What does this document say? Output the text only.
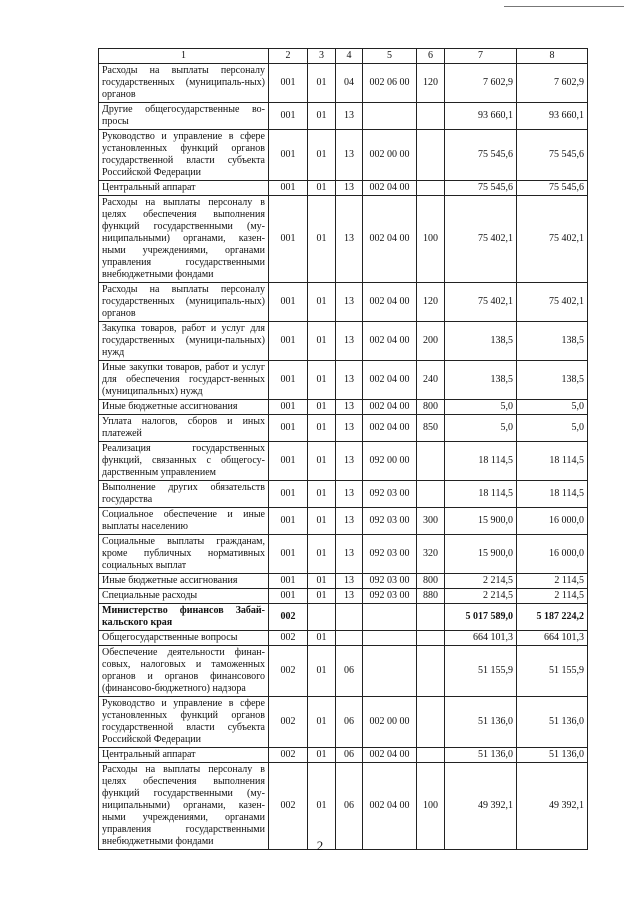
1	2	3	4	5	6	7	8
Расходы на выплаты персоналу государственных (муниципаль-ных) органов	001	01	04	002 06 00	120	7 602,9	7 602,9
Другие общегосударственные во-просы	001	01	13			93 660,1	93 660,1
Руководство и управление в сфере установленных функций органов государственной власти субъекта Российской Федерации	001	01	13	002 00 00		75 545,6	75 545,6
Центральный аппарат	001	01	13	002 04 00		75 545,6	75 545,6
Расходы на выплаты персоналу в целях обеспечения выполнения функций государственными (му-ниципальными) органами, казен-ными учреждениями, органами управления государственными внебюджетными фондами	001	01	13	002 04 00	100	75 402,1	75 402,1
Расходы на выплаты персоналу государственных (муниципаль-ных) органов	001	01	13	002 04 00	120	75 402,1	75 402,1
Закупка товаров, работ и услуг для государственных (муници-пальных) нужд	001	01	13	002 04 00	200	138,5	138,5
Иные закупки товаров, работ и услуг для обеспечения государст-венных (муниципальных) нужд	001	01	13	002 04 00	240	138,5	138,5
Иные бюджетные ассигнования	001	01	13	002 04 00	800	5,0	5,0
Уплата налогов, сборов и иных платежей	001	01	13	002 04 00	850	5,0	5,0
Реализация государственных функций, связанных с общегосу-дарственным управлением	001	01	13	092 00 00		18 114,5	18 114,5
Выполнение других обязательств государства	001	01	13	092 03 00		18 114,5	18 114,5
Социальное обеспечение и иные выплаты населению	001	01	13	092 03 00	300	15 900,0	16 000,0
Социальные выплаты гражданам, кроме публичных нормативных социальных выплат	001	01	13	092 03 00	320	15 900,0	16 000,0
Иные бюджетные ассигнования	001	01	13	092 03 00	800	2 214,5	2 114,5
Специальные расходы	001	01	13	092 03 00	880	2 214,5	2 114,5
Министерство финансов Забай-кальского края	002					5 017 589,0	5 187 224,2
Общегосударственные вопросы	002	01				664 101,3	664 101,3
Обеспечение деятельности финан-совых, налоговых и таможенных органов и органов финансового (финансово-бюджетного) надзора	002	01	06			51 155,9	51 155,9
Руководство и управление в сфере установленных функций органов государственной власти субъекта Российской Федерации	002	01	06	002 00 00		51 136,0	51 136,0
Центральный аппарат	002	01	06	002 04 00		51 136,0	51 136,0
Расходы на выплаты персоналу в целях обеспечения выполнения функций государственными (му-ниципальными) органами, казен-ными учреждениями, органами управления государственными внебюджетными фондами	002	01	06	002 04 00	100	49 392,1	49 392,1
2
